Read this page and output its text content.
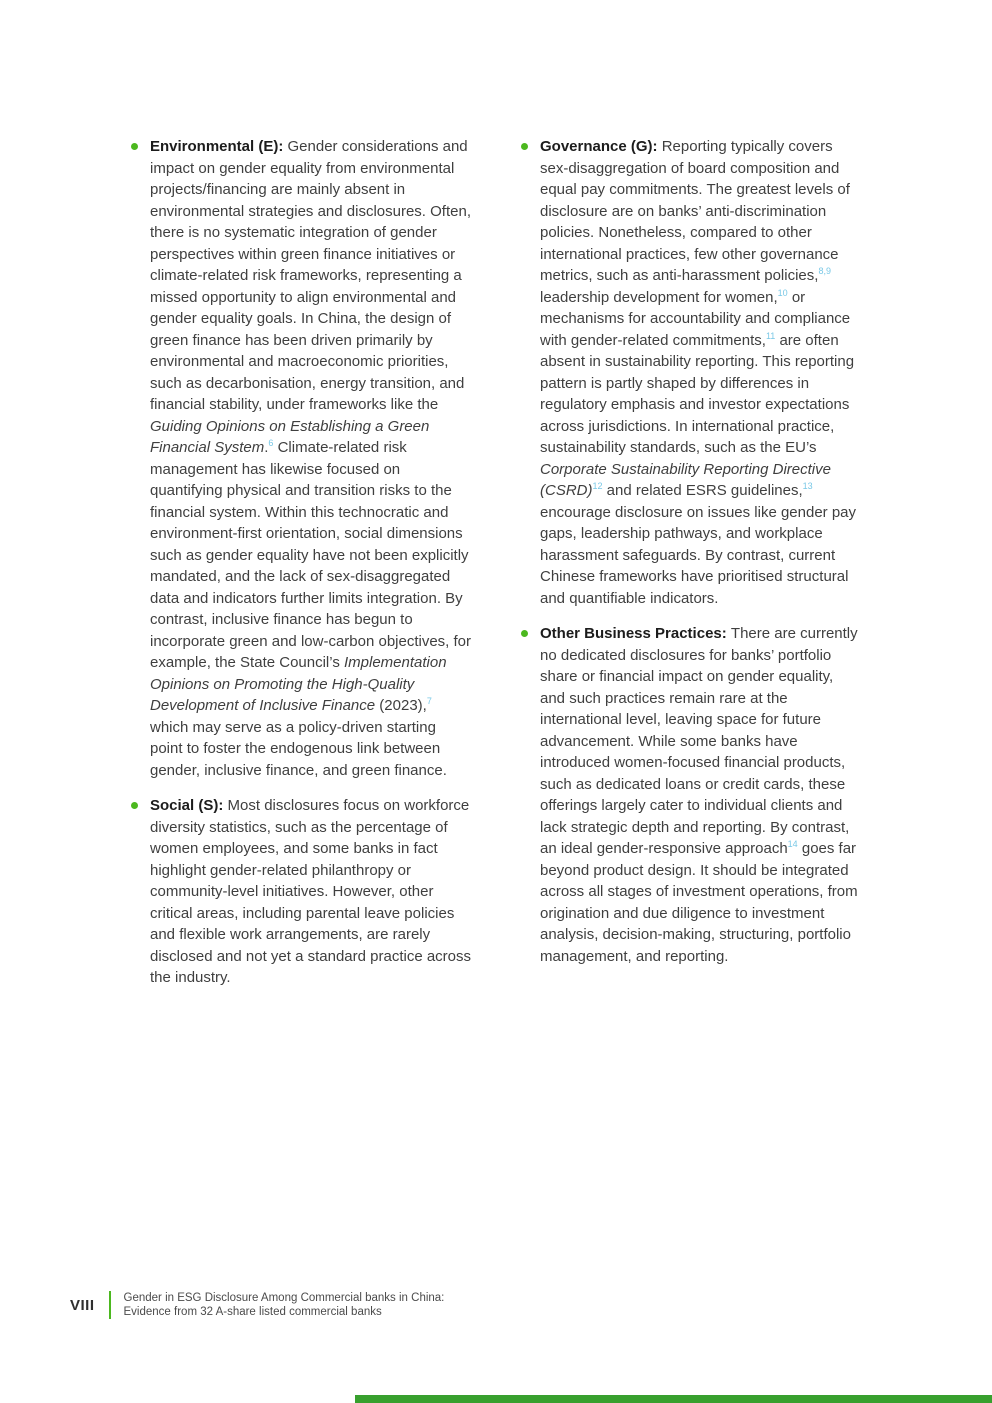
Environmental (E): Gender considerations and impact on gender equality from environmental projects/financing are mainly absent in environmental strategies and disclosures. Often, there is no systematic integration of gender perspectives within green finance initiatives or climate-related risk frameworks, representing a missed opportunity to align environmental and gender equality goals. In China, the design of green finance has been driven primarily by environmental and macroeconomic priorities, such as decarbonisation, energy transition, and financial stability, under frameworks like the Guiding Opinions on Establishing a Green Financial System.$^6$ Climate-related risk management has likewise focused on quantifying physical and transition risks to the financial system. Within this technocratic and environment-first orientation, social dimensions such as gender equality have not been explicitly mandated, and the lack of sex-disaggregated data and indicators further limits integration. By contrast, inclusive finance has begun to incorporate green and low-carbon objectives, for example, the State Council’s Implementation Opinions on Promoting the High-Quality Development of Inclusive Finance (2023),$^7$ which may serve as a policy-driven starting point to foster the endogenous link between gender, inclusive finance, and green finance.
Social (S): Most disclosures focus on workforce diversity statistics, such as the percentage of women employees, and some banks in fact highlight gender-related philanthropy or community-level initiatives. However, other critical areas, including parental leave policies and flexible work arrangements, are rarely disclosed and not yet a standard practice across the industry.
Governance (G): Reporting typically covers sex-disaggregation of board composition and equal pay commitments. The greatest levels of disclosure are on banks’ anti-discrimination policies. Nonetheless, compared to other international practices, few other governance metrics, such as anti-harassment policies,$^{8,9}$ leadership development for women,$^{10}$ or mechanisms for accountability and compliance with gender-related commitments,$^{11}$ are often absent in sustainability reporting. This reporting pattern is partly shaped by differences in regulatory emphasis and investor expectations across jurisdictions. In international practice, sustainability standards, such as the EU’s Corporate Sustainability Reporting Directive (CSRD)$^{12}$ and related ESRS guidelines,$^{13}$ encourage disclosure on issues like gender pay gaps, leadership pathways, and workplace harassment safeguards. By contrast, current Chinese frameworks have prioritised structural and quantifiable indicators.
Other Business Practices: There are currently no dedicated disclosures for banks’ portfolio share or financial impact on gender equality, and such practices remain rare at the international level, leaving space for future advancement. While some banks have introduced women-focused financial products, such as dedicated loans or credit cards, these offerings largely cater to individual clients and lack strategic depth and reporting. By contrast, an ideal gender-responsive approach$^{14}$ goes far beyond product design. It should be integrated across all stages of investment operations, from origination and due diligence to investment analysis, decision-making, structuring, portfolio management, and reporting.
VIII	Gender in ESG Disclosure Among Commercial banks in China:
Evidence from 32 A-share listed commercial banks
